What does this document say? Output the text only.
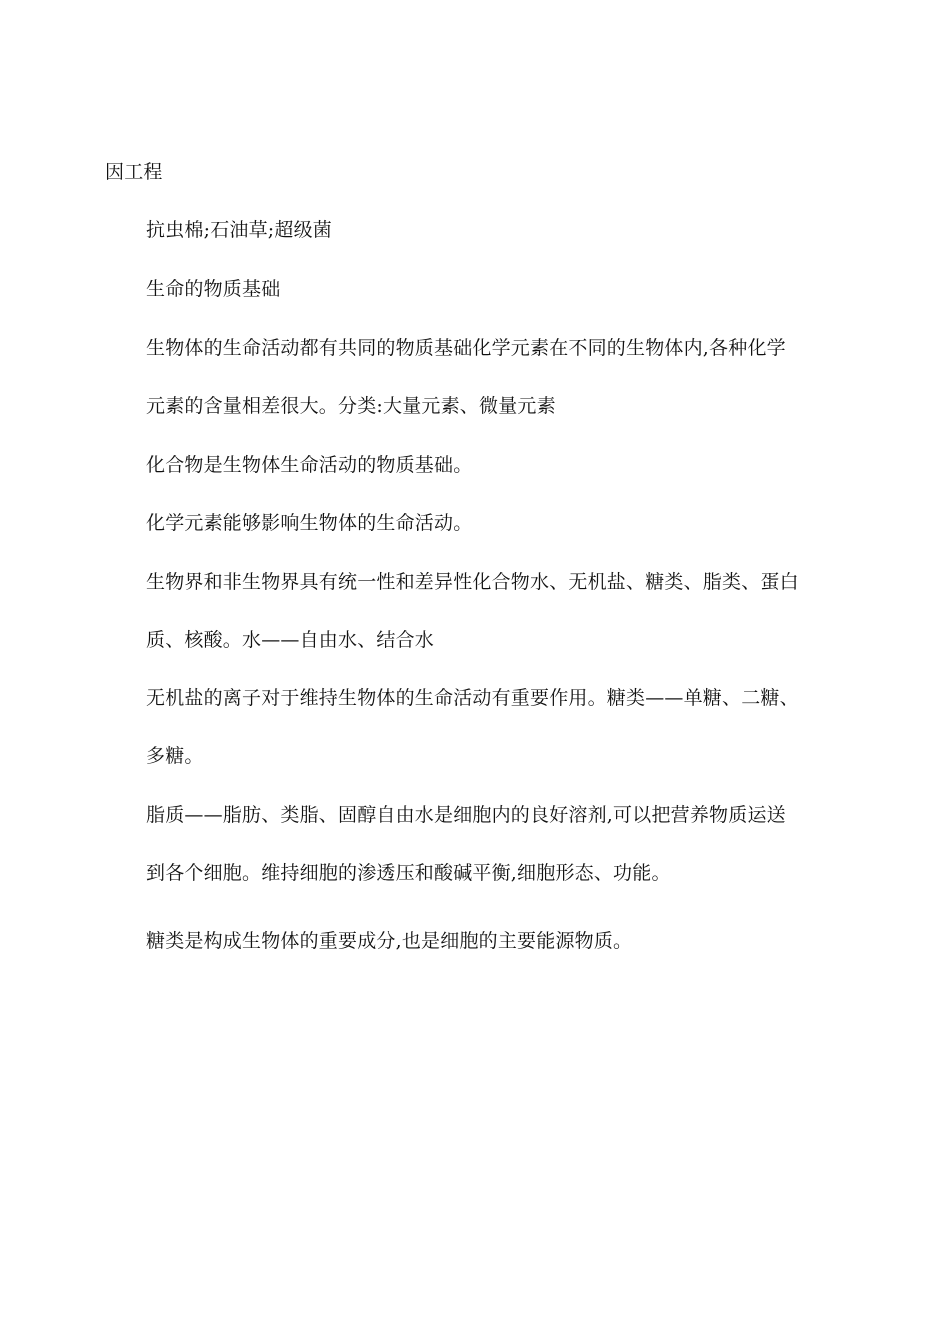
因工程
抗虫棉;石油草;超级菌
生命的物质基础
生物体的生命活动都有共同的物质基础化学元素在不同的生物体内,各种化学
元素的含量相差很大。分类:大量元素、微量元素
化合物是生物体生命活动的物质基础。
化学元素能够影响生物体的生命活动。
生物界和非生物界具有统一性和差异性化合物水、无机盐、糖类、脂类、蛋白
质、核酸。水——自由水、结合水
无机盐的离子对于维持生物体的生命活动有重要作用。糖类——单糖、二糖、
多糖。
脂质——脂肪、类脂、固醇自由水是细胞内的良好溶剂,可以把营养物质运送
到各个细胞。维持细胞的渗透压和酸碱平衡,细胞形态、功能。
糖类是构成生物体的重要成分,也是细胞的主要能源物质。
